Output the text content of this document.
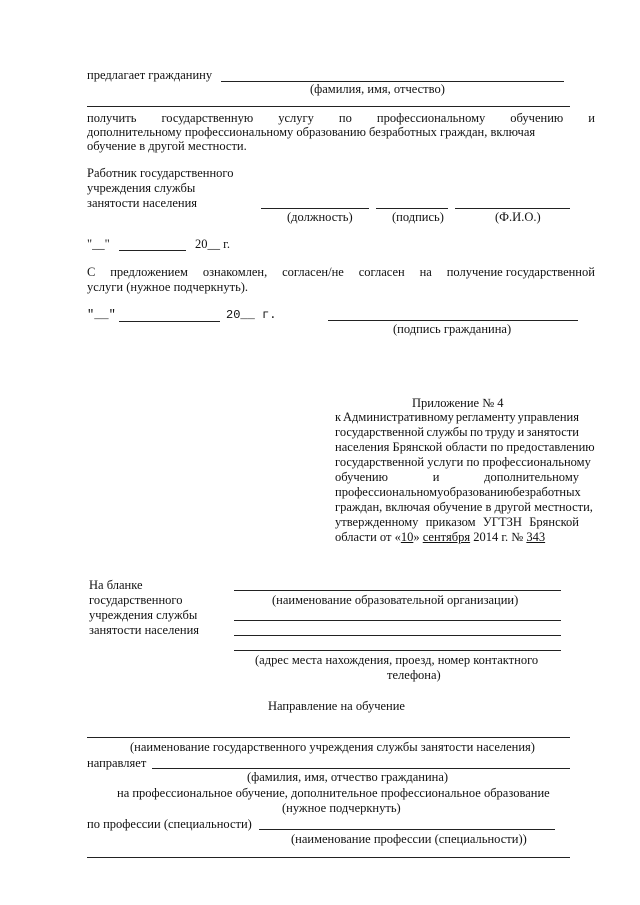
предлагает гражданину
(фамилия, имя, отчество)
получить государственную услугу по профессиональному обучению и
дополнительному профессиональному образованию безработных граждан, включая
обучение в другой местности.
Работник государственного
учреждения службы
занятости населения
(должность)	(подпись)	(Ф.И.О.)
"__"	20__ г.
С предложением ознакомлен, согласен/не согласен на получение государственной
услуги (нужное подчеркнуть).
"__"	20__ г.
(подпись гражданина)
Приложение № 4
к Административному регламенту управления
государственной службы по труду и занятости
населения Брянской области по предоставлению
государственной услуги по профессиональному
обучению	и	дополнительному
профессиональному образованию безработных
граждан, включая обучение в другой местности,
утвержденному приказом УГТЗН Брянской
области от «10» сентября 2014 г. № 343
На бланке
государственного
учреждения службы
занятости населения
(наименование образовательной организации)
(адрес места нахождения, проезд, номер контактного
телефона)
Направление на обучение
(наименование государственного учреждения службы занятости населения)
направляет
(фамилия, имя, отчество гражданина)
на профессиональное обучение, дополнительное профессиональное образование
(нужное подчеркнуть)
по профессии (специальности)
(наименование профессии (специальности))
